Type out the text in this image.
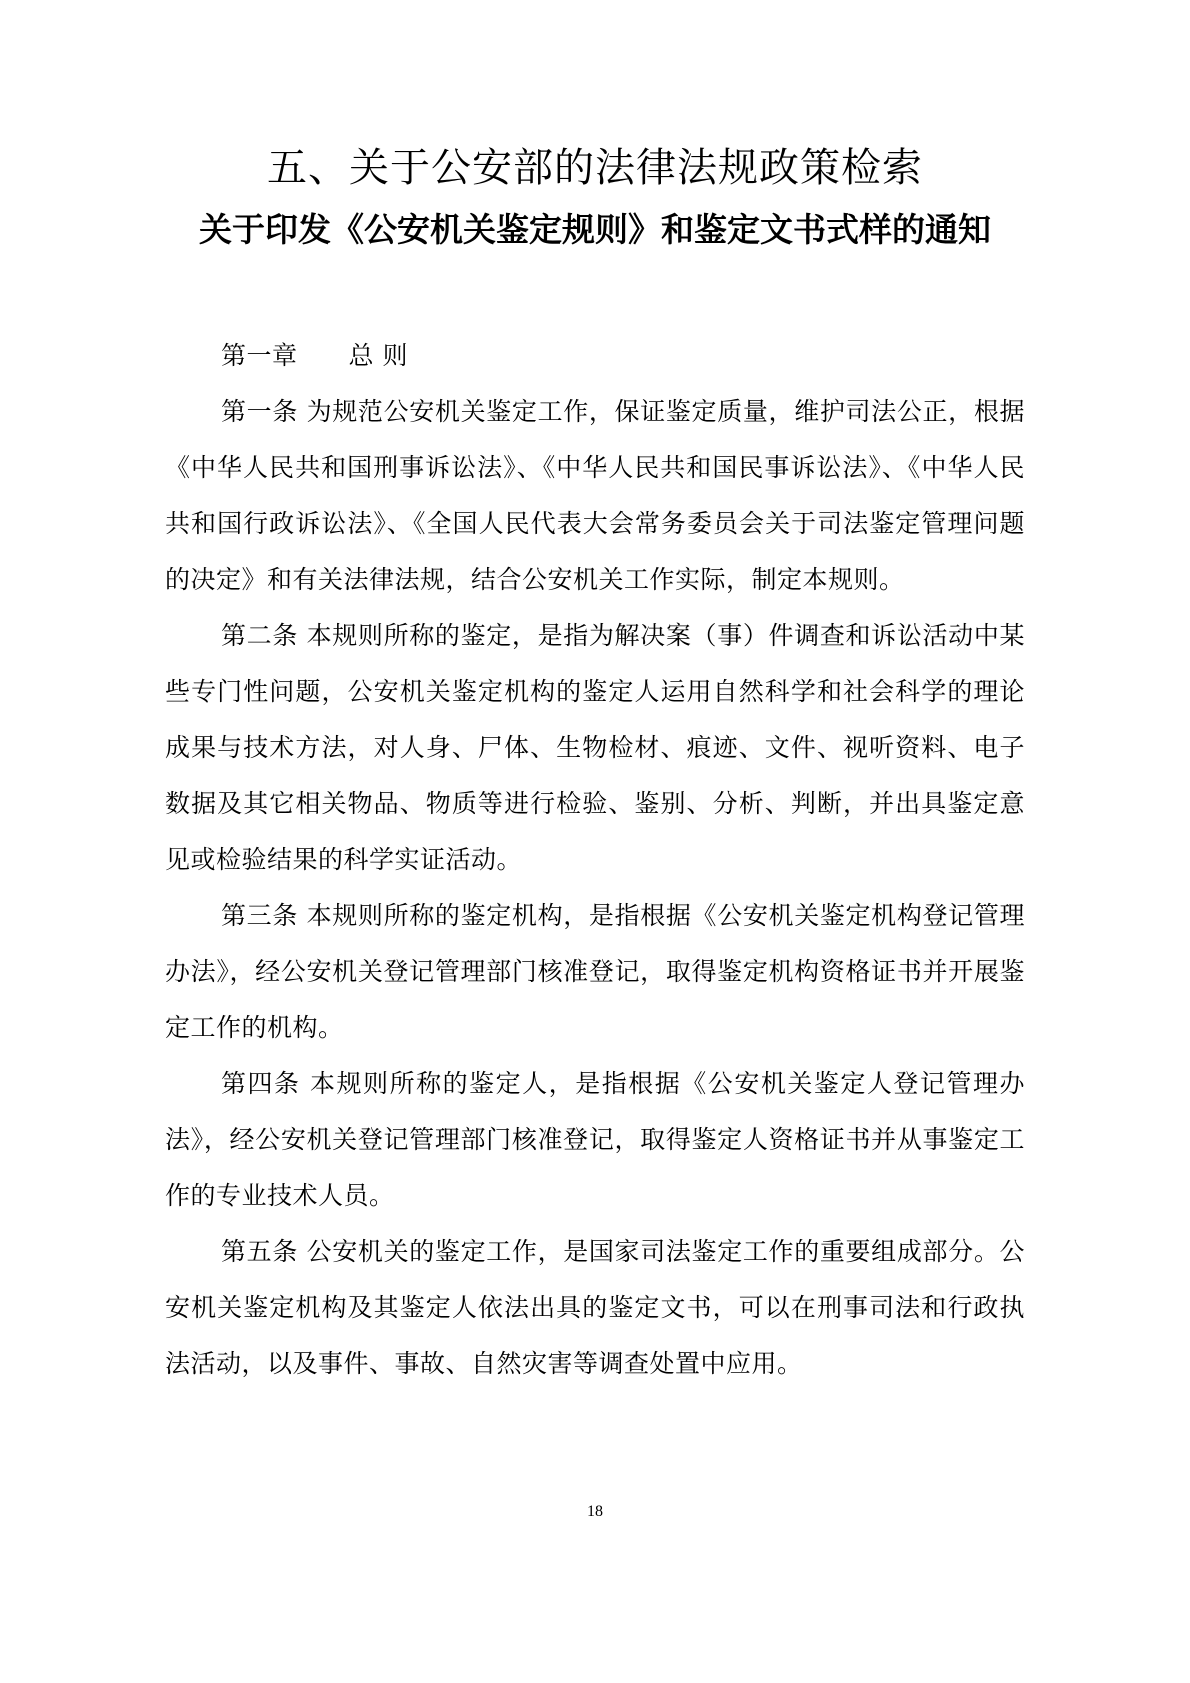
五、关于公安部的法律法规政策检索
关于印发《公安机关鉴定规则》和鉴定文书式样的通知

第一章　　总 则

第一条 为规范公安机关鉴定工作，保证鉴定质量，维护司法公正，根据《中华人民共和国刑事诉讼法》、《中华人民共和国民事诉讼法》、《中华人民共和国行政诉讼法》、《全国人民代表大会常务委员会关于司法鉴定管理问题的决定》和有关法律法规，结合公安机关工作实际，制定本规则。

第二条 本规则所称的鉴定，是指为解决案（事）件调查和诉讼活动中某些专门性问题，公安机关鉴定机构的鉴定人运用自然科学和社会科学的理论成果与技术方法，对人身、尸体、生物检材、痕迹、文件、视听资料、电子数据及其它相关物品、物质等进行检验、鉴别、分析、判断，并出具鉴定意见或检验结果的科学实证活动。

第三条 本规则所称的鉴定机构，是指根据《公安机关鉴定机构登记管理办法》，经公安机关登记管理部门核准登记，取得鉴定机构资格证书并开展鉴定工作的机构。

第四条 本规则所称的鉴定人，是指根据《公安机关鉴定人登记管理办法》，经公安机关登记管理部门核准登记，取得鉴定人资格证书并从事鉴定工作的专业技术人员。

第五条 公安机关的鉴定工作，是国家司法鉴定工作的重要组成部分。公安机关鉴定机构及其鉴定人依法出具的鉴定文书，可以在刑事司法和行政执法活动，以及事件、事故、自然灾害等调查处置中应用。

18
